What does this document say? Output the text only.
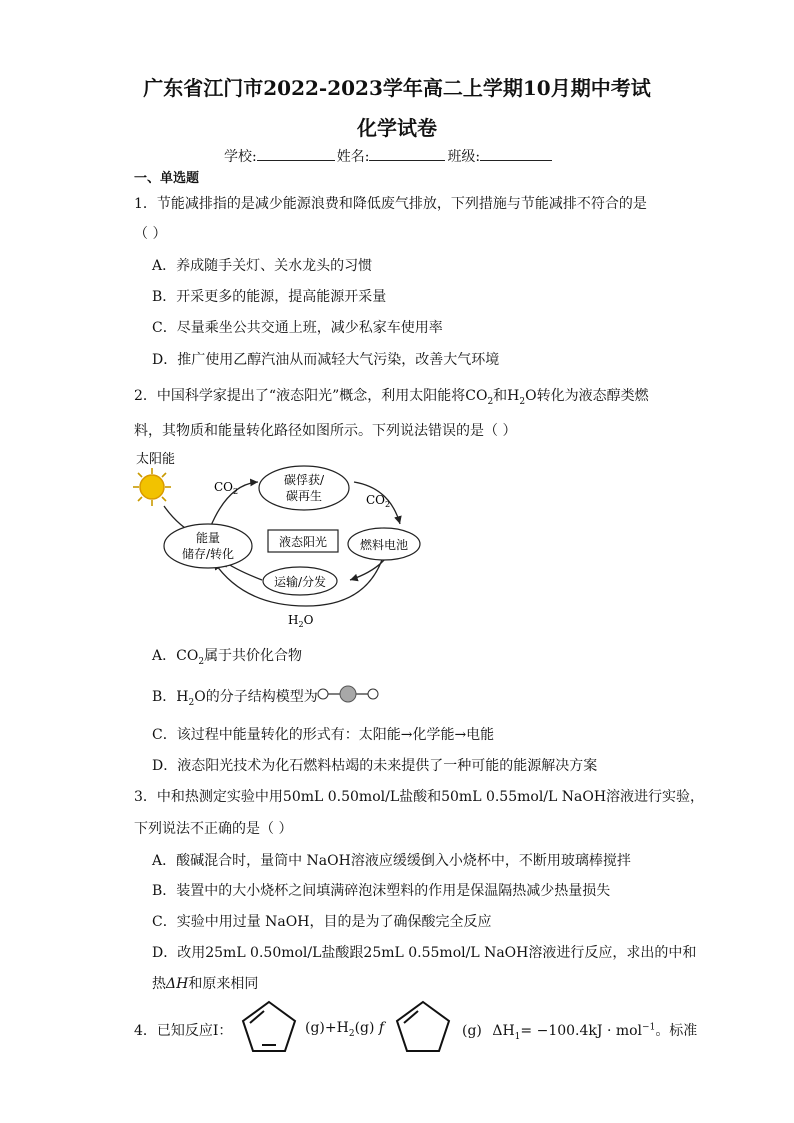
广东省江门市2022-2023学年高二上学期10月期中考试
化学试卷
学校:	姓名:	班级:
一、单选题
1．节能减排指的是减少能源浪费和降低废气排放，下列措施与节能减排不符合的是
（ ）
A．养成随手关灯、关水龙头的习惯
B．开采更多的能源，提高能源开采量
C．尽量乘坐公共交通上班，减少私家车使用率
D．推广使用乙醇汽油从而减轻大气污染，改善大气环境
2．中国科学家提出了“液态阳光”概念，利用太阳能将$CO_2$和$H_2O$转化为液态醇类燃
料，其物质和能量转化路径如图所示。下列说法错误的是（ ）
太阳能
碳俘获/
碳再生
能量
储存/转化
液态阳光	燃料电池
运输/分发
$CO_2$
$CO_2$
$H_2O$
A．$CO_2$属于共价化合物
B．$H_2O$的分子结构模型为
C．该过程中能量转化的形式有：太阳能→化学能→电能
D．液态阳光技术为化石燃料枯竭的未来提供了一种可能的能源解决方案
3．中和热测定实验中用50mL 0.50mol/L盐酸和50mL 0.55mol/L NaOH溶液进行实验，
下列说法不正确的是（ ）
A．酸碱混合时，量筒中 NaOH溶液应缓缓倒入小烧杯中，不断用玻璃棒搅拌
B．装置中的大小烧杯之间填满碎泡沫塑料的作用是保温隔热减少热量损失
C．实验中用过量 NaOH，目的是为了确保酸完全反应
D．改用25mL 0.50mol/L盐酸跟25mL 0.55mol/L NaOH溶液进行反应，求出的中和
热ΔH和原来相同
4．已知反应Ⅰ：	$(g)+H_2(g)$ f	(g) $\Delta H_1= -100.4kJ \cdot mol^{-1}$。标准
